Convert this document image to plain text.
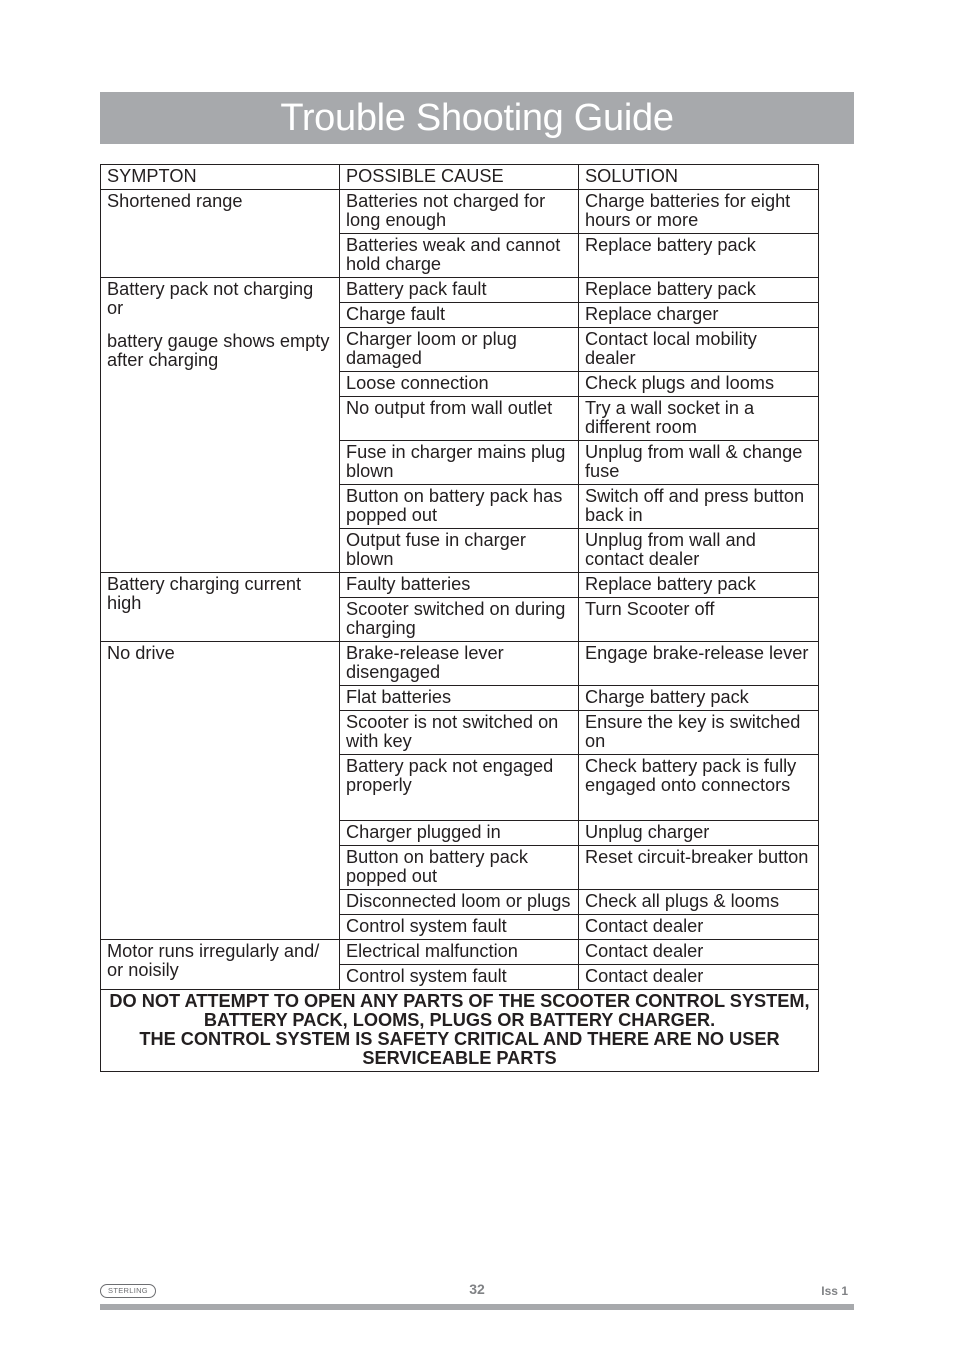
Trouble Shooting Guide
SYMPTON	POSSIBLE CAUSE	SOLUTION

Shortened range	Batteries not charged for long enough	Charge batteries for eight hours or more
	Batteries weak and cannot hold charge	Replace battery pack

Battery pack not charging or

battery gauge shows empty after charging	Battery pack fault	Replace battery pack
	Charge fault	Replace charger
	Charger loom or plug damaged	Contact local mobility dealer
	Loose connection	Check plugs and looms
	No output from wall outlet	Try a wall socket in a different room
	Fuse in charger mains plug blown	Unplug from wall & change fuse
	Button on battery pack has popped out	Switch off and press button back in
	Output fuse in charger blown	Unplug from wall and contact dealer

Battery charging current high	Faulty batteries	Replace battery pack
	Scooter switched on during charging	Turn Scooter off

No drive	Brake-release lever disengaged	Engage brake-release lever
	Flat batteries	Charge battery pack
	Scooter is not switched on with key	Ensure the key is switched on
	Battery pack not engaged properly	Check battery pack is fully engaged onto connectors
	Charger plugged in	Unplug charger
	Button on battery pack popped out	Reset circuit-breaker button
	Disconnected loom or plugs	Check all plugs & looms
	Control system fault	Contact dealer

Motor runs irregularly and/ or noisily	Electrical malfunction	Contact dealer
	Control system fault	Contact dealer

DO NOT ATTEMPT TO OPEN ANY PARTS OF THE SCOOTER CONTROL SYSTEM,
BATTERY PACK, LOOMS, PLUGS OR BATTERY CHARGER.
THE CONTROL SYSTEM IS SAFETY CRITICAL AND THERE ARE NO USER
SERVICEABLE PARTS		
STERLING	32	Iss 1
